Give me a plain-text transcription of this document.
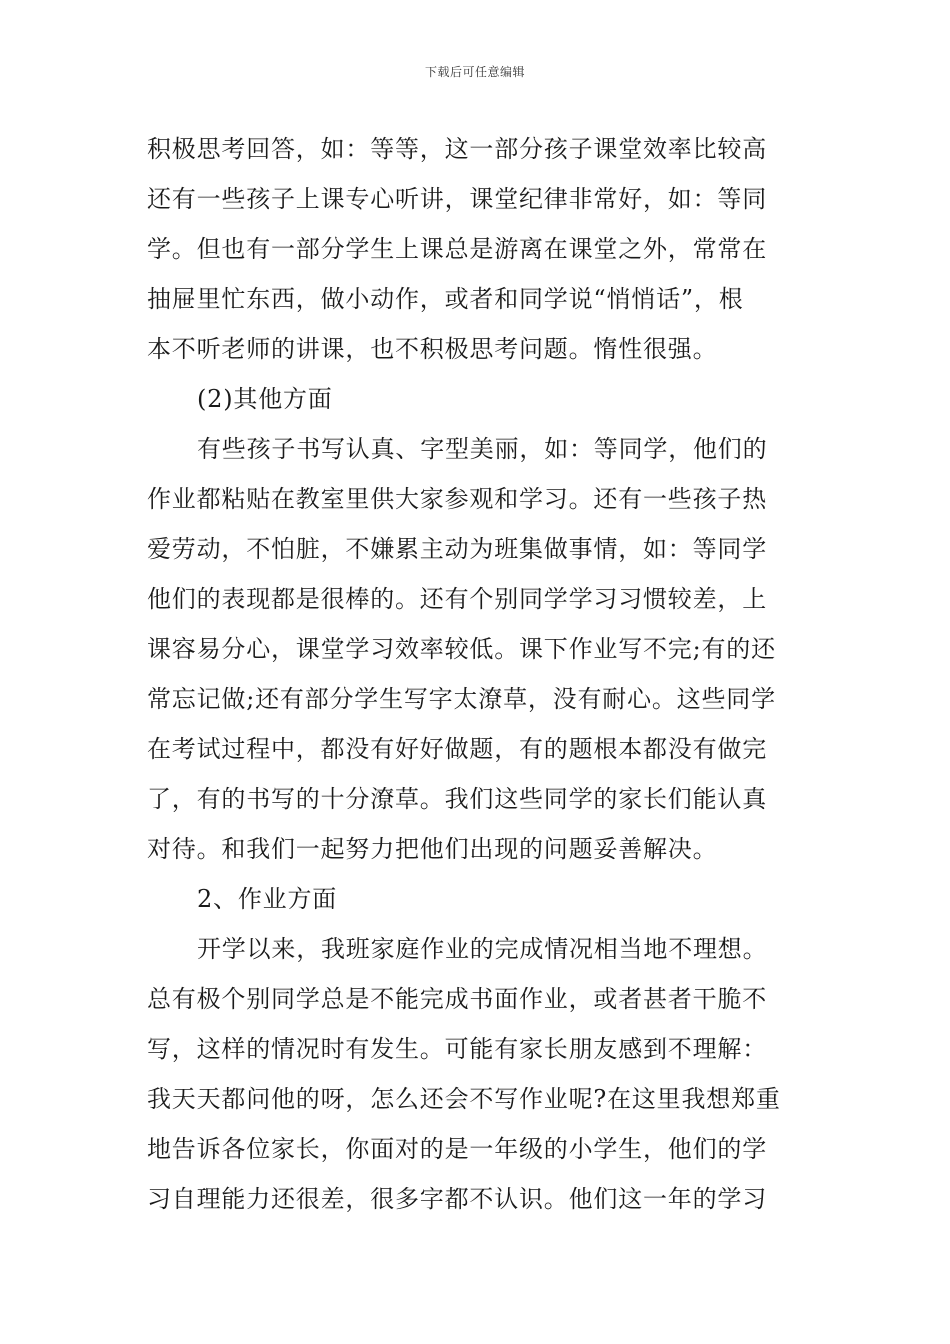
下载后可任意编辑
积极思考回答，如：等等，这一部分孩子课堂效率比较高
还有一些孩子上课专心听讲，课堂纪律非常好，如：等同
学。但也有一部分学生上课总是游离在课堂之外，常常在
抽屉里忙东西，做小动作，或者和同学说“悄悄话”，根
本不听老师的讲课，也不积极思考问题。惰性很强。
(2)其他方面
有些孩子书写认真、字型美丽，如：等同学，他们的
作业都粘贴在教室里供大家参观和学习。还有一些孩子热
爱劳动，不怕脏，不嫌累主动为班集做事情，如：等同学
他们的表现都是很棒的。还有个别同学学习习惯较差，上
课容易分心，课堂学习效率较低。课下作业写不完;有的还
常忘记做;还有部分学生写字太潦草，没有耐心。这些同学
在考试过程中，都没有好好做题，有的题根本都没有做完
了，有的书写的十分潦草。我们这些同学的家长们能认真
对待。和我们一起努力把他们出现的问题妥善解决。
2、作业方面
开学以来，我班家庭作业的完成情况相当地不理想。
总有极个别同学总是不能完成书面作业，或者甚者干脆不
写，这样的情况时有发生。可能有家长朋友感到不理解：
我天天都问他的呀，怎么还会不写作业呢?在这里我想郑重
地告诉各位家长，你面对的是一年级的小学生，他们的学
习自理能力还很差，很多字都不认识。他们这一年的学习
